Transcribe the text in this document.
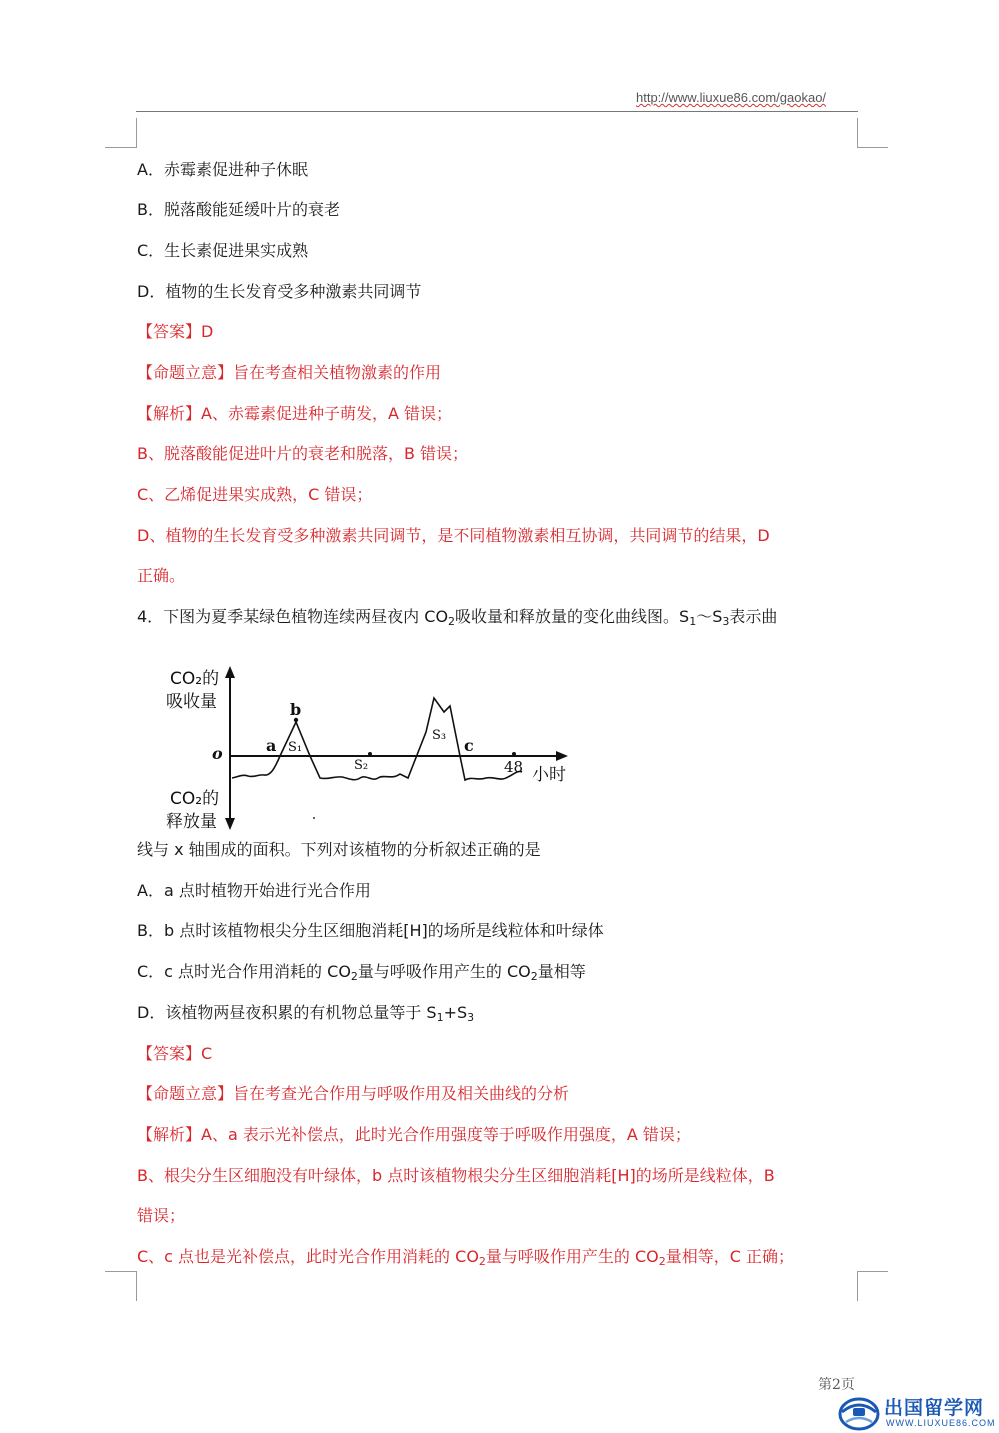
http://www.liuxue86.com/gaokao/
A．赤霉素促进种子休眠
B．脱落酸能延缓叶片的衰老
C．生长素促进果实成熟
D．植物的生长发育受多种激素共同调节
【答案】D
【命题立意】旨在考查相关植物激素的作用
【解析】A、赤霉素促进种子萌发，A 错误；
B、脱落酸能促进叶片的衰老和脱落，B 错误；
C、乙烯促进果实成熟，C 错误；
D、植物的生长发育受多种激素共同调节，是不同植物激素相互协调，共同调节的结果，D
正确。
4．下图为夏季某绿色植物连续两昼夜内 $CO_2$吸收量和释放量的变化曲线图。$S_1\sim S_3$表示曲
CO₂的
吸收量
CO₂的
释放量
o
小时
48
a
b
c
S₁
S₂
S₃
线与 x 轴围成的面积。下列对该植物的分析叙述正确的是
A．a 点时植物开始进行光合作用
B．b 点时该植物根尖分生区细胞消耗[H]的场所是线粒体和叶绿体
C．c 点时光合作用消耗的 $CO_2$量与呼吸作用产生的 $CO_2$量相等
D．该植物两昼夜积累的有机物总量等于 $S_1+S_3$
【答案】C
【命题立意】旨在考查光合作用与呼吸作用及相关曲线的分析
【解析】A、a 表示光补偿点，此时光合作用强度等于呼吸作用强度，A 错误；
B、根尖分生区细胞没有叶绿体，b 点时该植物根尖分生区细胞消耗[H]的场所是线粒体，B
错误；
C、c 点也是光补偿点，此时光合作用消耗的 $CO_2$量与呼吸作用产生的 $CO_2$量相等，C 正确；
第2页
出国留学网
WWW.LIUXUE86.COM
